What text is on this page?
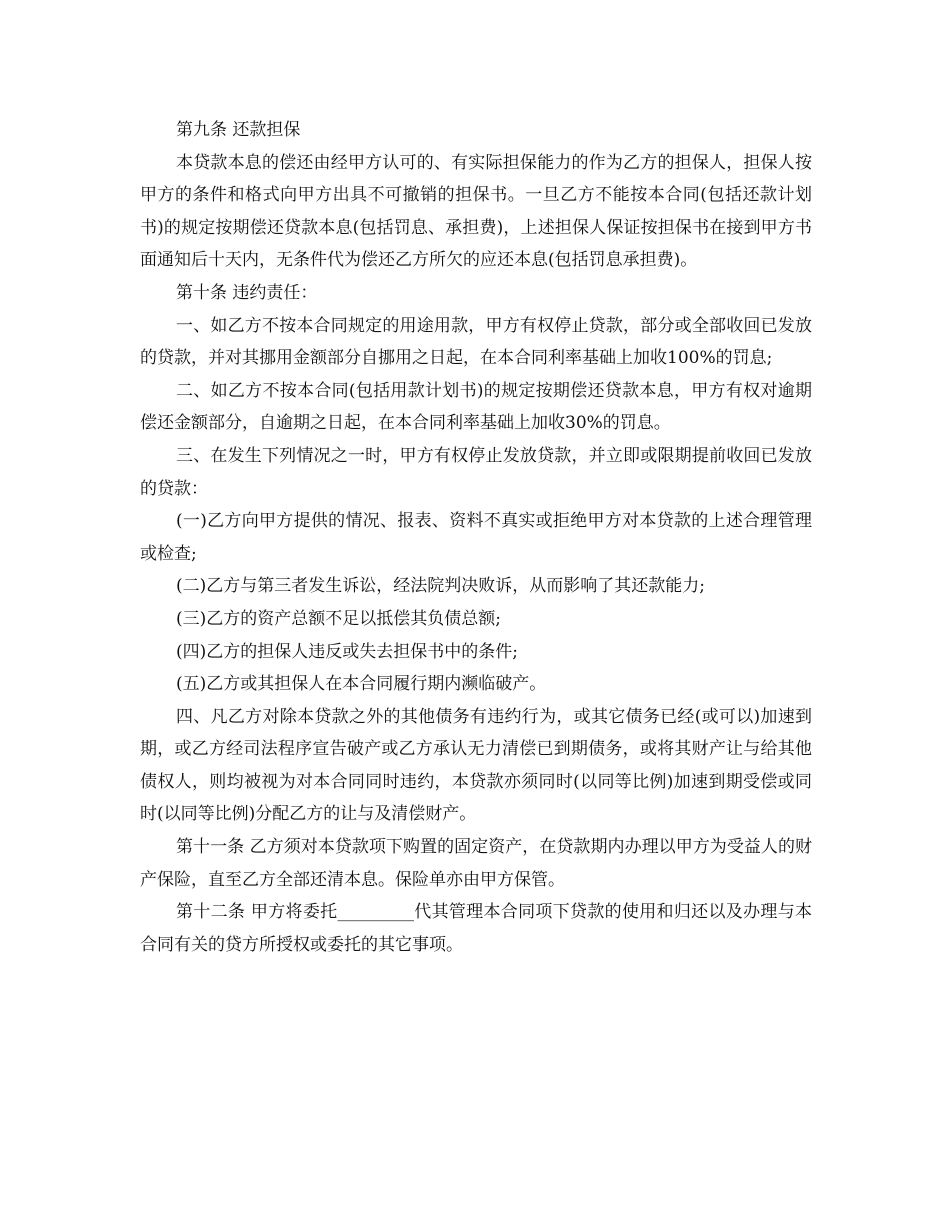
第九条 还款担保

本贷款本息的偿还由经甲方认可的、有实际担保能力的作为乙方的担保人，担保人按甲方的条件和格式向甲方出具不可撤销的担保书。一旦乙方不能按本合同(包括还款计划书)的规定按期偿还贷款本息(包括罚息、承担费)，上述担保人保证按担保书在接到甲方书面通知后十天内，无条件代为偿还乙方所欠的应还本息(包括罚息承担费)。

第十条 违约责任：

一、如乙方不按本合同规定的用途用款，甲方有权停止贷款，部分或全部收回已发放的贷款，并对其挪用金额部分自挪用之日起，在本合同利率基础上加收100%的罚息;

二、如乙方不按本合同(包括用款计划书)的规定按期偿还贷款本息，甲方有权对逾期偿还金额部分，自逾期之日起，在本合同利率基础上加收30%的罚息。

三、在发生下列情况之一时，甲方有权停止发放贷款，并立即或限期提前收回已发放的贷款：

(一)乙方向甲方提供的情况、报表、资料不真实或拒绝甲方对本贷款的上述合理管理或检查;

(二)乙方与第三者发生诉讼，经法院判决败诉，从而影响了其还款能力;

(三)乙方的资产总额不足以抵偿其负债总额;

(四)乙方的担保人违反或失去担保书中的条件;

(五)乙方或其担保人在本合同履行期内濒临破产。

四、凡乙方对除本贷款之外的其他债务有违约行为，或其它债务已经(或可以)加速到期，或乙方经司法程序宣告破产或乙方承认无力清偿已到期债务，或将其财产让与给其他债权人，则均被视为对本合同同时违约，本贷款亦须同时(以同等比例)加速到期受偿或同时(以同等比例)分配乙方的让与及清偿财产。

第十一条 乙方须对本贷款项下购置的固定资产，在贷款期内办理以甲方为受益人的财产保险，直至乙方全部还清本息。保险单亦由甲方保管。

第十二条 甲方将委托_________代其管理本合同项下贷款的使用和归还以及办理与本合同有关的贷方所授权或委托的其它事项。
